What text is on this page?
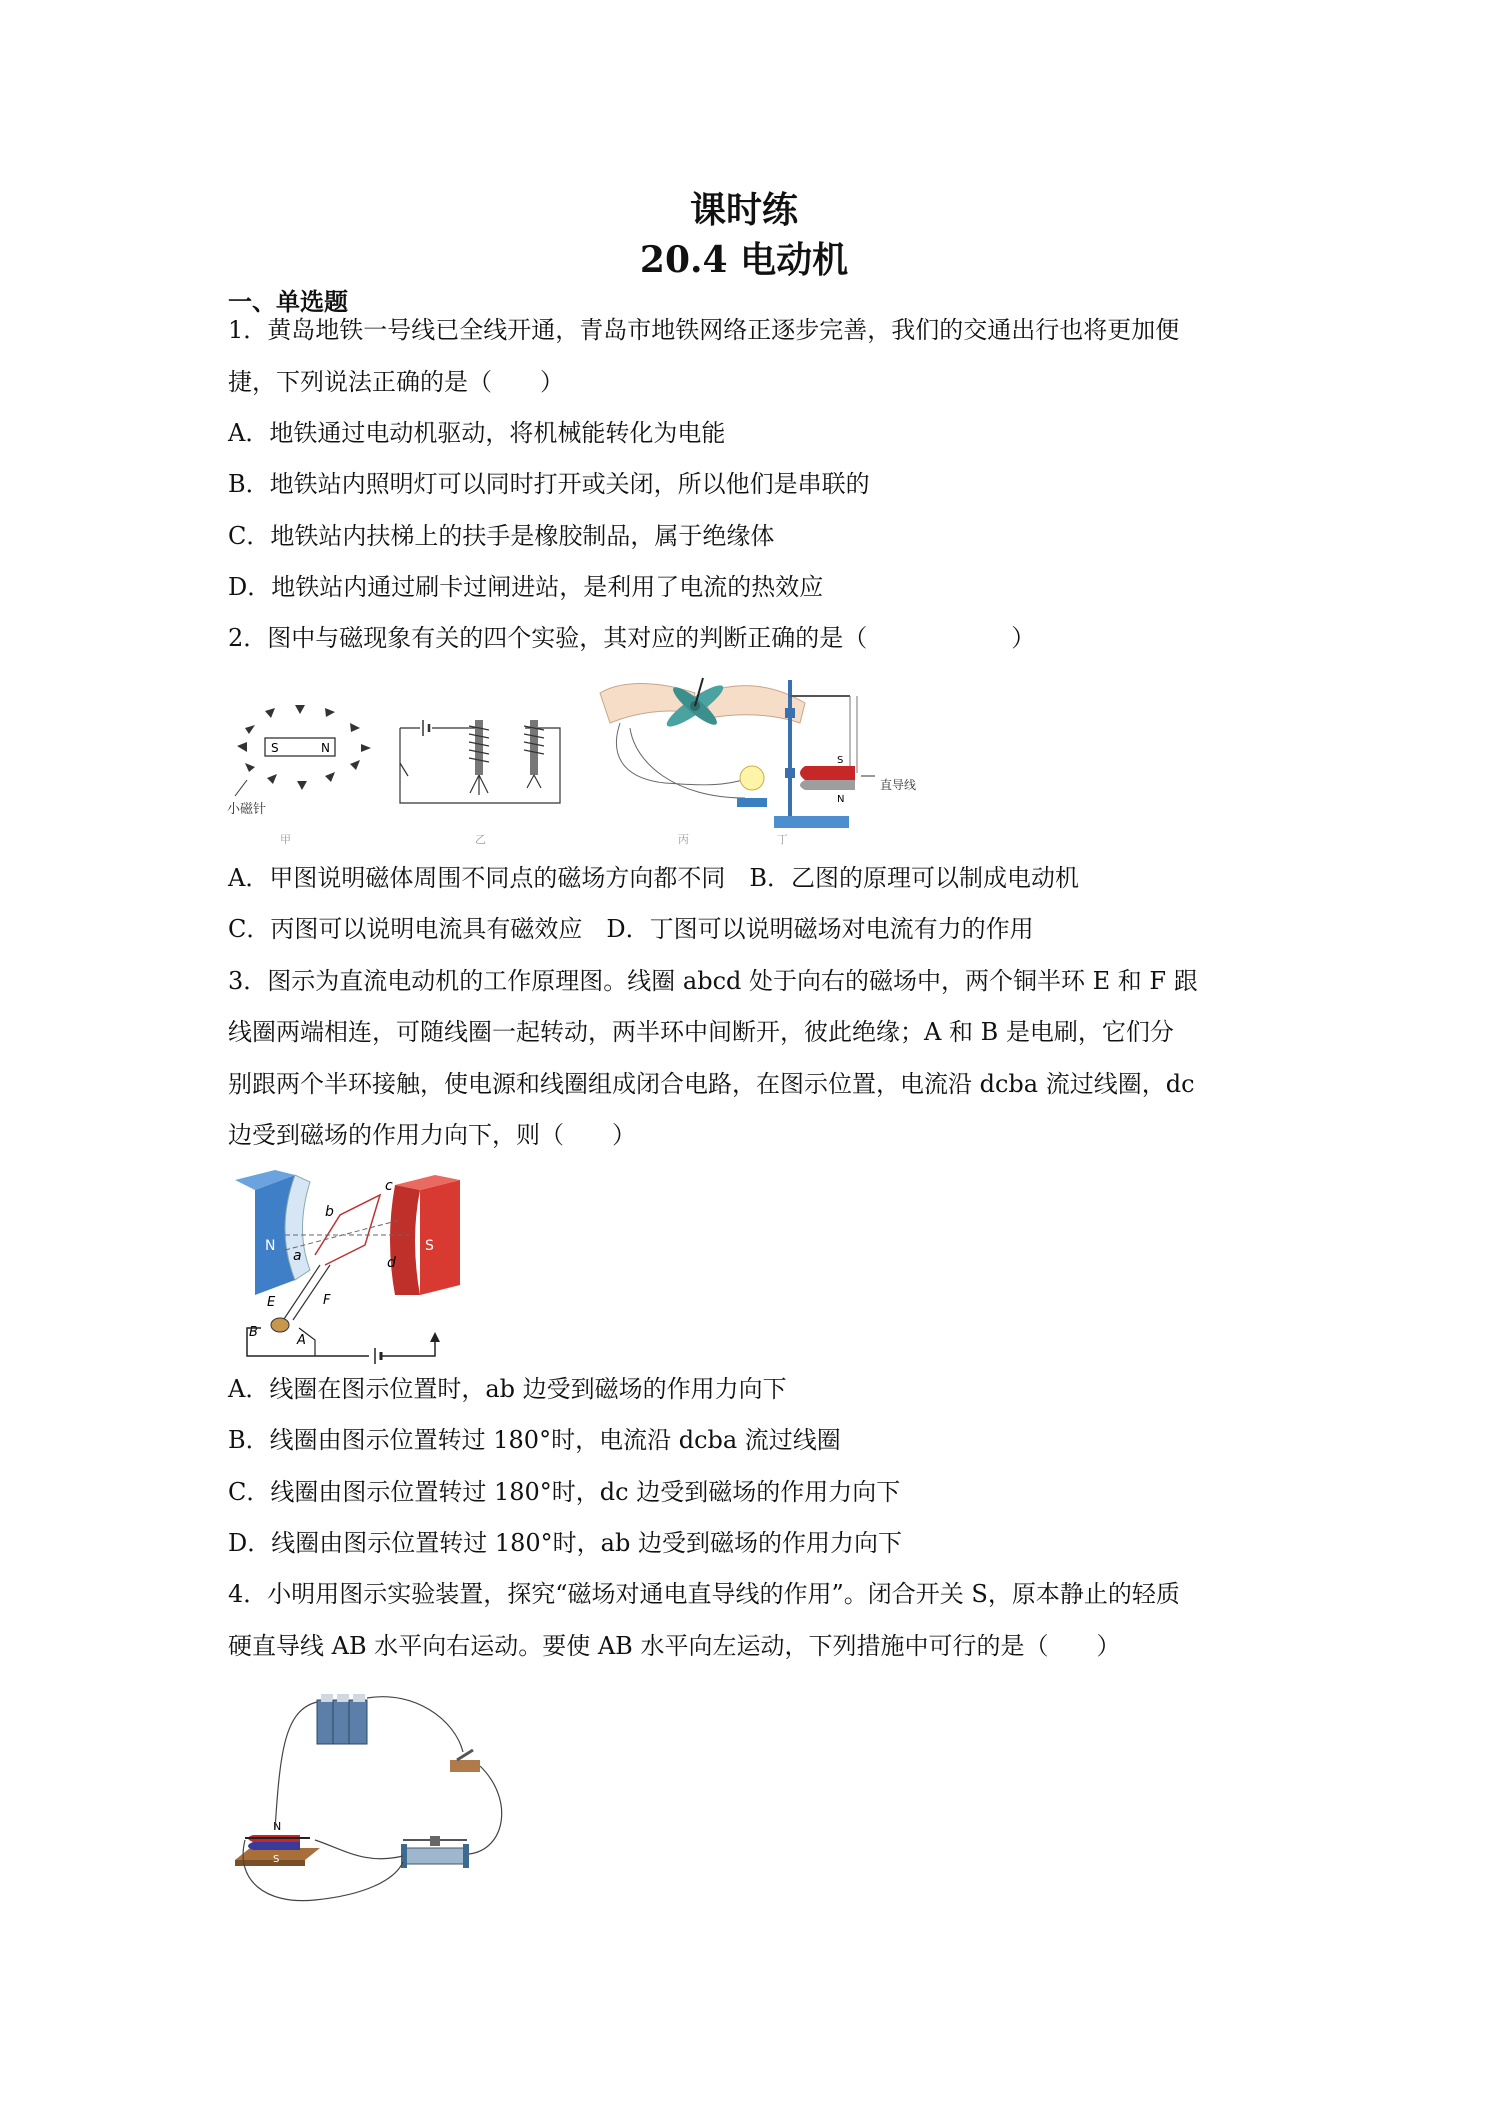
课时练
20.4 电动机
一、单选题
1．黄岛地铁一号线已全线开通，青岛市地铁网络正逐步完善，我们的交通出行也将更加便
捷，下列说法正确的是（　　）
A．地铁通过电动机驱动，将机械能转化为电能
B．地铁站内照明灯可以同时打开或关闭，所以他们是串联的
C．地铁站内扶梯上的扶手是橡胶制品，属于绝缘体
D．地铁站内通过刷卡过闸进站，是利用了电流的热效应
2．图中与磁现象有关的四个实验，其对应的判断正确的是（　　　　　　）
S	N
小磁针
甲	乙	丙
S
N
丁
直导线
A．甲图说明磁体周围不同点的磁场方向都不同　B．乙图的原理可以制成电动机
C．丙图可以说明电流具有磁效应　D．丁图可以说明磁场对电流有力的作用
3．图示为直流电动机的工作原理图。线圈 abcd 处于向右的磁场中，两个铜半环 E 和 F 跟
线圈两端相连，可随线圈一起转动，两半环中间断开，彼此绝缘；A 和 B 是电刷，它们分
别跟两个半环接触，使电源和线圈组成闭合电路，在图示位置，电流沿 dcba 流过线圈，dc
边受到磁场的作用力向下，则（　　）
N	S
b
c
a	d
E	F
B
A
A．线圈在图示位置时，ab 边受到磁场的作用力向下
B．线圈由图示位置转过 180°时，电流沿 dcba 流过线圈
C．线圈由图示位置转过 180°时，dc 边受到磁场的作用力向下
D．线圈由图示位置转过 180°时，ab 边受到磁场的作用力向下
4．小明用图示实验装置，探究“磁场对通电直导线的作用”。闭合开关 S，原本静止的轻质
硬直导线 AB 水平向右运动。要使 AB 水平向左运动，下列措施中可行的是（　　）
N
S
